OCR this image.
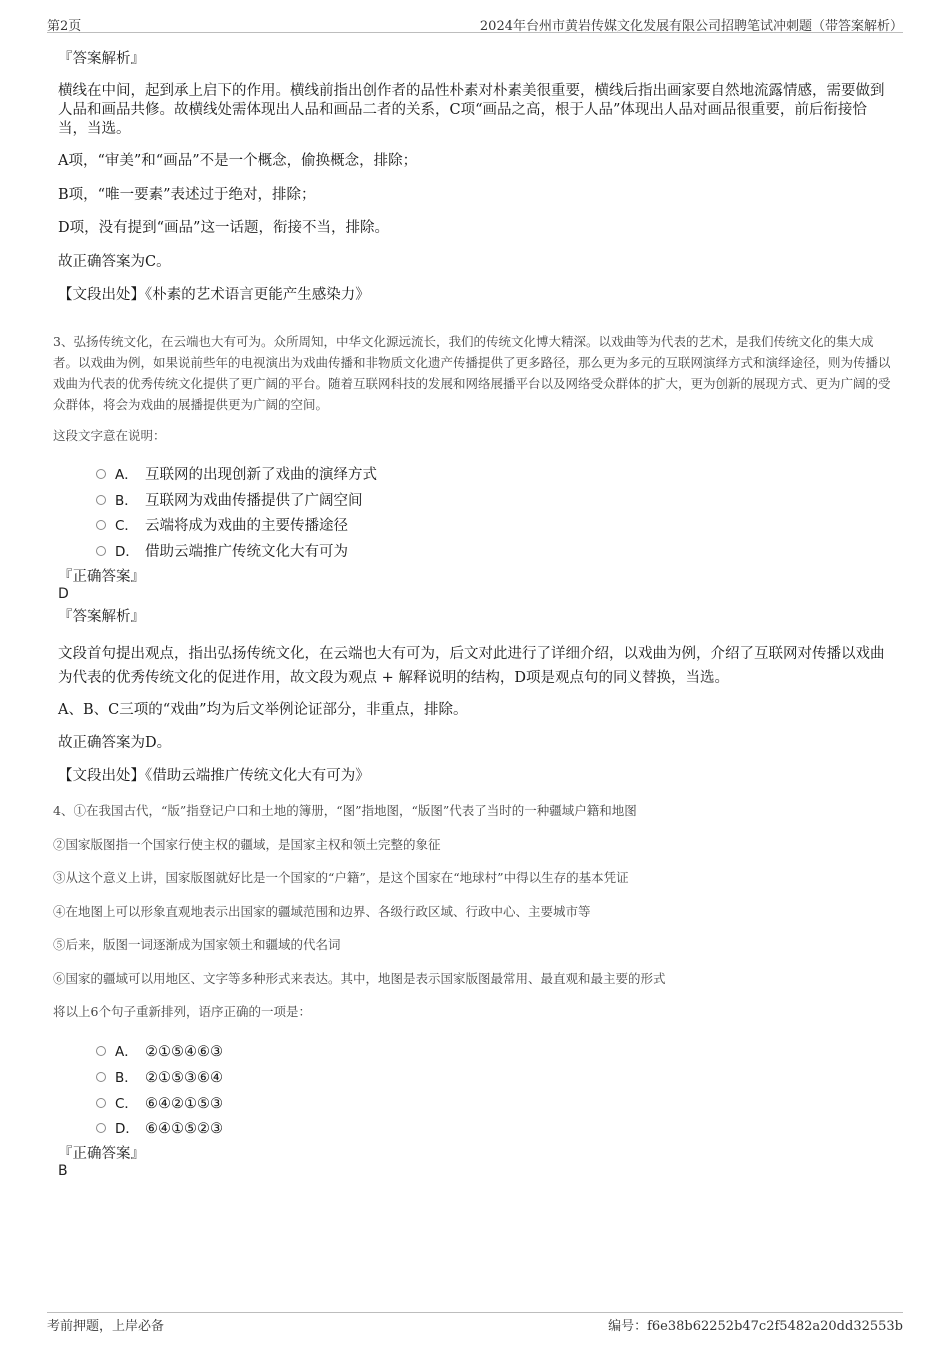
第2页	2024年台州市黄岩传媒文化发展有限公司招聘笔试冲刺题（带答案解析）
『答案解析』
横线在中间，起到承上启下的作用。横线前指出创作者的品性朴素对朴素美很重要，横线后指出画家要自然地流露情感，需要做到人品和画品共修。故横线处需体现出人品和画品二者的关系，C项“画品之高，根于人品”体现出人品对画品很重要，前后衔接恰当，当选。
A项，“审美”和“画品”不是一个概念，偷换概念，排除；
B项，“唯一要素”表述过于绝对，排除；
D项，没有提到“画品”这一话题，衔接不当，排除。
故正确答案为C。
【文段出处】《朴素的艺术语言更能产生感染力》
3、弘扬传统文化，在云端也大有可为。众所周知，中华文化源远流长，我们的传统文化博大精深。以戏曲等为代表的艺术，是我们传统文化的集大成者。以戏曲为例，如果说前些年的电视演出为戏曲传播和非物质文化遗产传播提供了更多路径，那么更为多元的互联网演绎方式和演绎途径，则为传播以戏曲为代表的优秀传统文化提供了更广阔的平台。随着互联网科技的发展和网络展播平台以及网络受众群体的扩大，更为创新的展现方式、更为广阔的受众群体，将会为戏曲的展播提供更为广阔的空间。
这段文字意在说明：
A． 互联网的出现创新了戏曲的演绎方式
B． 互联网为戏曲传播提供了广阔空间
C． 云端将成为戏曲的主要传播途径
D． 借助云端推广传统文化大有可为
『正确答案』
D
『答案解析』
文段首句提出观点，指出弘扬传统文化，在云端也大有可为，后文对此进行了详细介绍，以戏曲为例，介绍了互联网对传播以戏曲为代表的优秀传统文化的促进作用，故文段为观点 + 解释说明的结构，D项是观点句的同义替换，当选。
A、B、C三项的“戏曲”均为后文举例论证部分，非重点，排除。
故正确答案为D。
【文段出处】《借助云端推广传统文化大有可为》
4、①在我国古代，“版”指登记户口和土地的簿册，“图”指地图，“版图”代表了当时的一种疆域户籍和地图
②国家版图指一个国家行使主权的疆域，是国家主权和领土完整的象征
③从这个意义上讲，国家版图就好比是一个国家的“户籍”，是这个国家在“地球村”中得以生存的基本凭证
④在地图上可以形象直观地表示出国家的疆域范围和边界、各级行政区域、行政中心、主要城市等
⑤后来，版图一词逐渐成为国家领土和疆域的代名词
⑥国家的疆域可以用地区、文字等多种形式来表达。其中，地图是表示国家版图最常用、最直观和最主要的形式
将以上6个句子重新排列，语序正确的一项是：
A． ②①⑤④⑥③
B． ②①⑤③⑥④
C． ⑥④②①⑤③
D． ⑥④①⑤②③
『正确答案』
B
考前押题，上岸必备	编号：f6e38b62252b47c2f5482a20dd32553b
